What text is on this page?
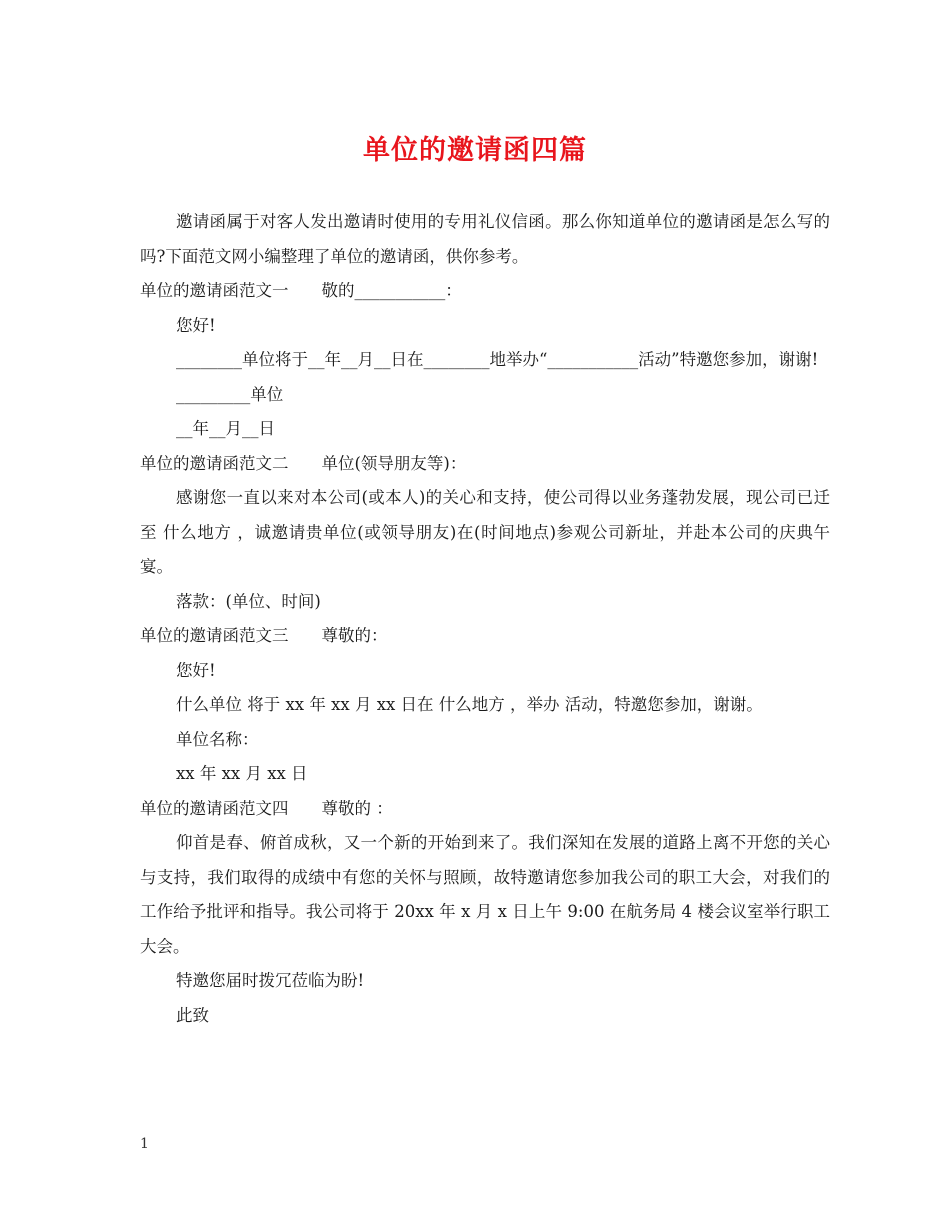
单位的邀请函四篇

邀请函属于对客人发出邀请时使用的专用礼仪信函。那么你知道单位的邀请函是怎么写的吗?下面范文网小编整理了单位的邀请函，供你参考。

单位的邀请函范文一　　敬的___________：

您好!

________单位将于__年__月__日在________地举办“___________活动”特邀您参加，谢谢!

_________单位

__年__月__日

单位的邀请函范文二　　单位(领导朋友等)：

感谢您一直以来对本公司(或本人)的关心和支持，使公司得以业务蓬勃发展，现公司已迁至 什么地方 ，诚邀请贵单位(或领导朋友)在(时间地点)参观公司新址，并赴本公司的庆典午宴。

落款：(单位、时间)

单位的邀请函范文三　　尊敬的：

您好!

什么单位 将于 xx 年 xx 月 xx 日在 什么地方 ，举办 活动，特邀您参加，谢谢。

单位名称：

xx 年 xx 月 xx 日

单位的邀请函范文四　　尊敬的 ：

仰首是春、俯首成秋，又一个新的开始到来了。我们深知在发展的道路上离不开您的关心与支持，我们取得的成绩中有您的关怀与照顾，故特邀请您参加我公司的职工大会，对我们的工作给予批评和指导。我公司将于 20xx 年 x 月 x 日上午 9:00 在航务局 4 楼会议室举行职工大会。

特邀您届时拨冗莅临为盼!

此致

1
